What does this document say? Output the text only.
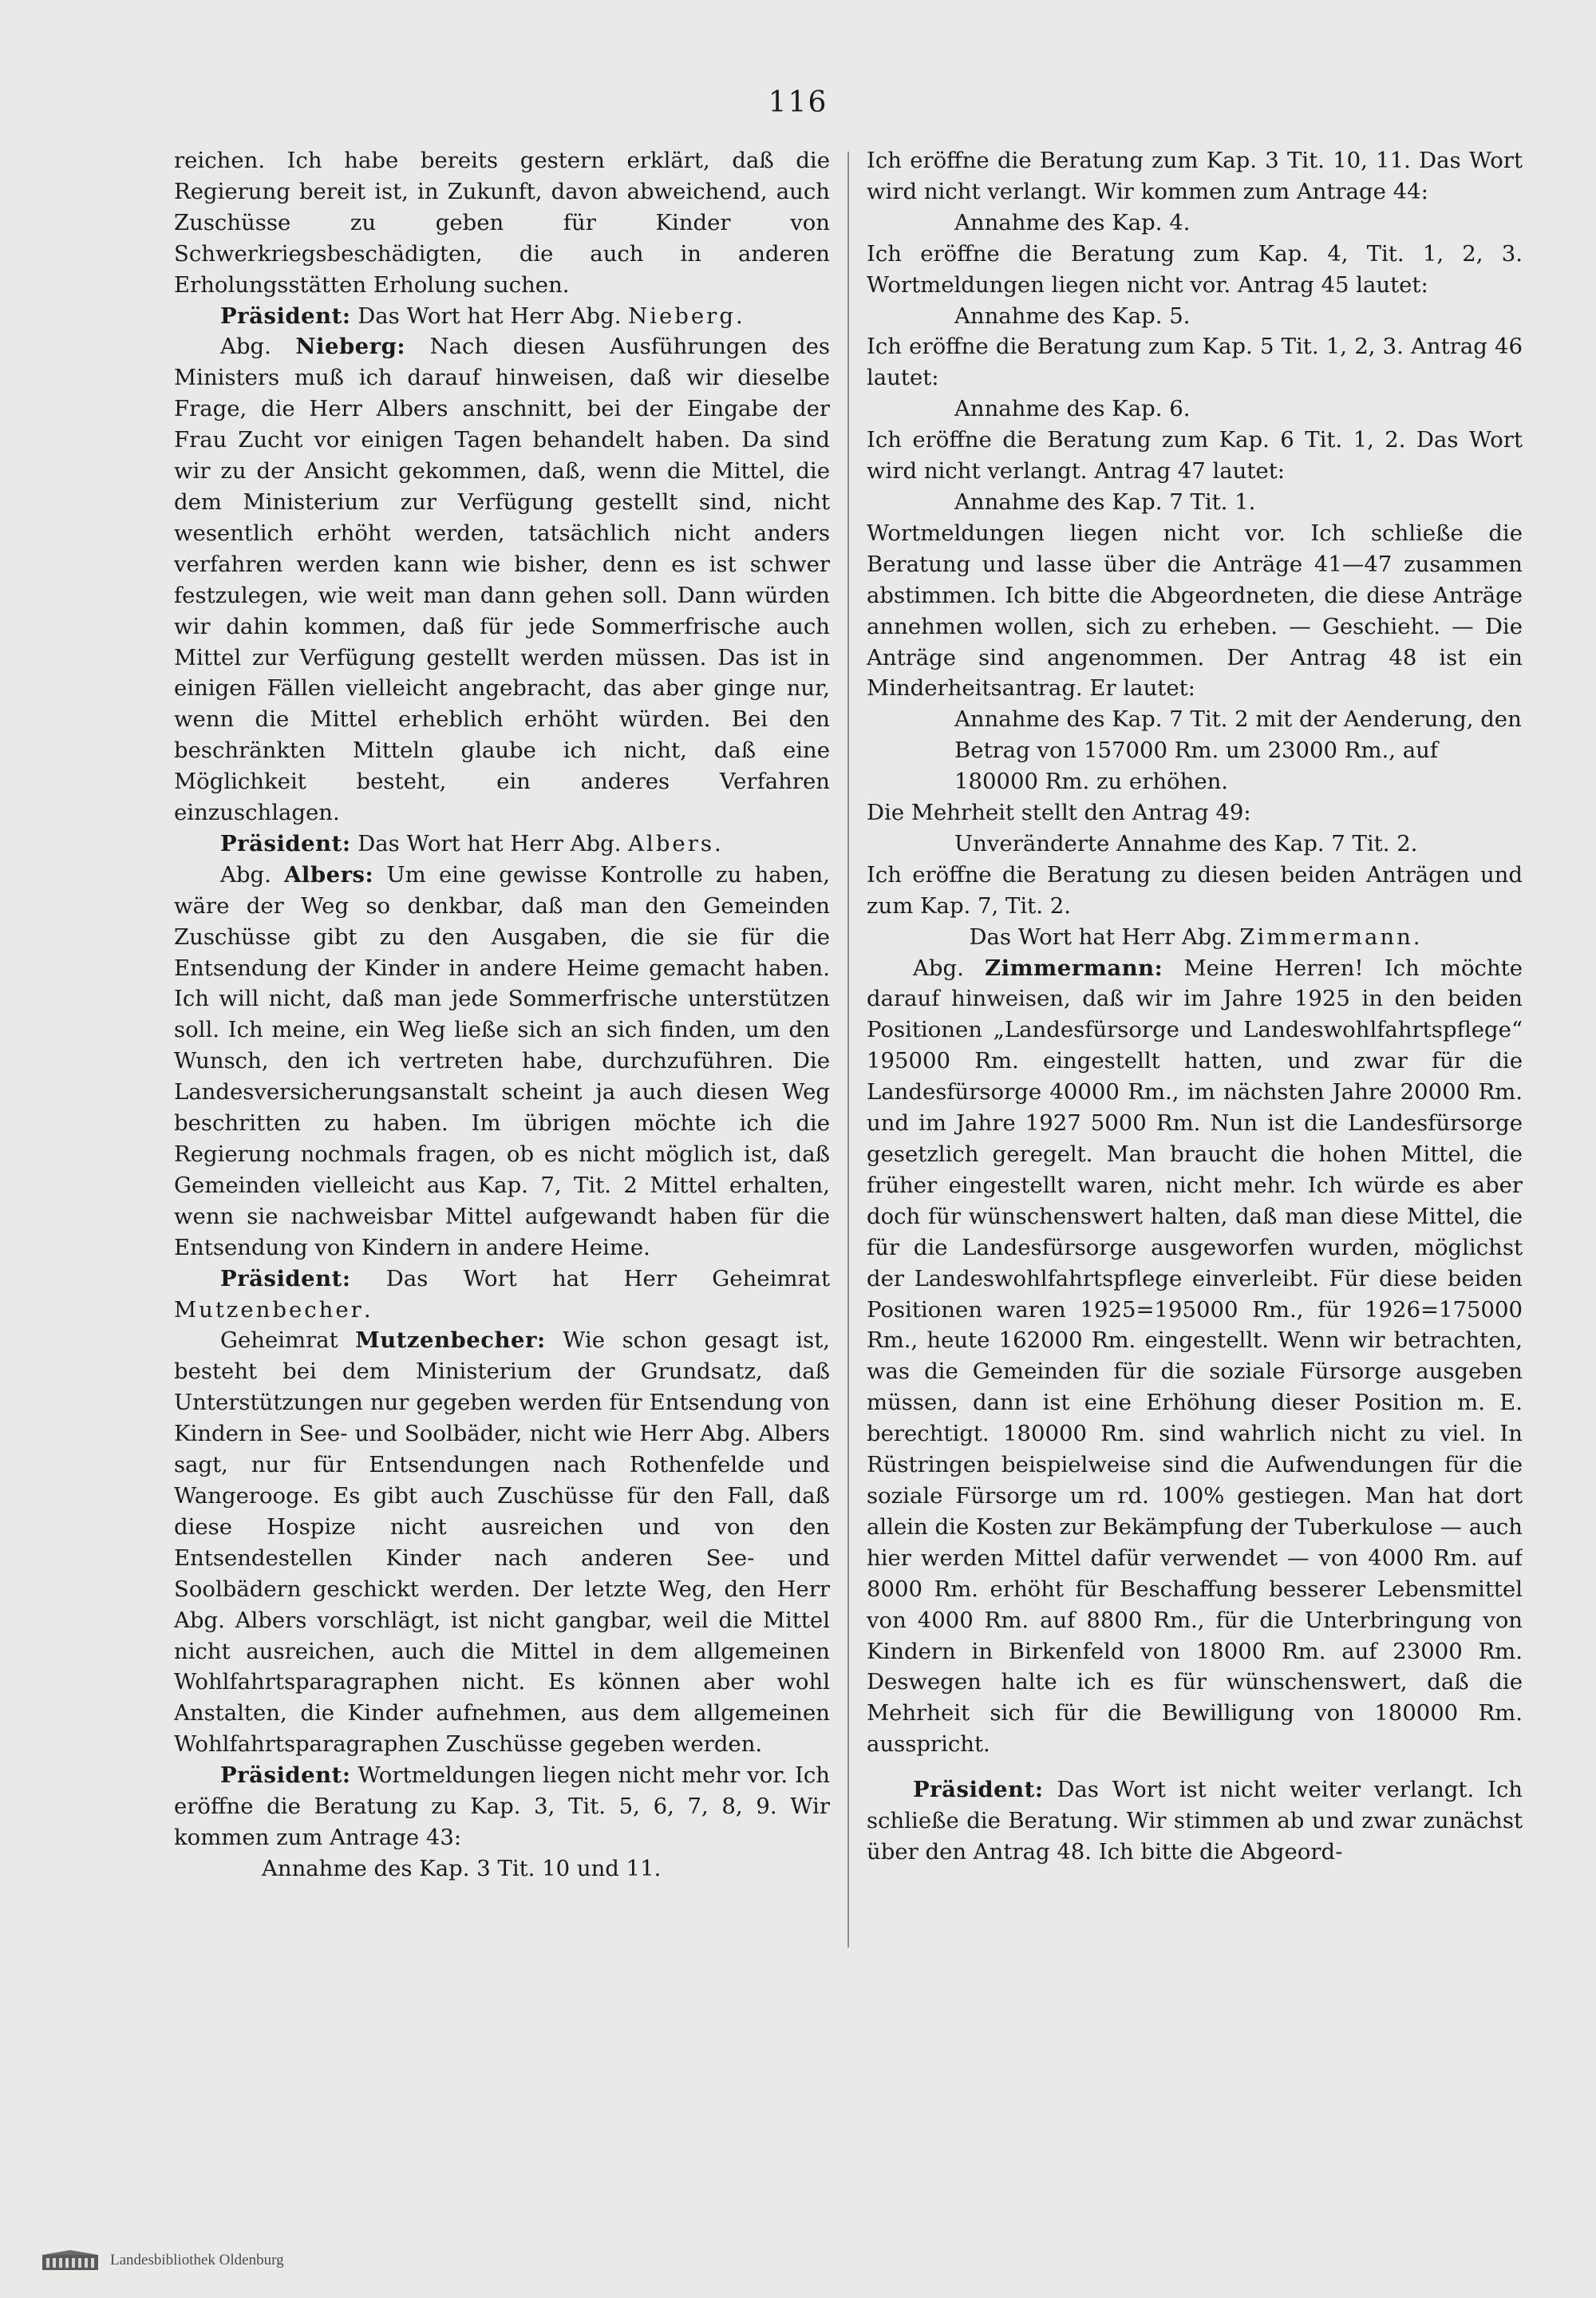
116

reichen. Ich habe bereits gestern erklärt, daß die Regierung bereit ist, in Zukunft, davon abweichend, auch Zuschüsse zu geben für Kinder von Schwerkriegsbeschädigten, die auch in anderen Erholungsstätten Erholung suchen.

Präsident: Das Wort hat Herr Abg. Nieberg.

Abg. Nieberg: Nach diesen Ausführungen des Ministers muß ich darauf hinweisen, daß wir dieselbe Frage, die Herr Albers anschnitt, bei der Eingabe der Frau Zucht vor einigen Tagen behandelt haben. Da sind wir zu der Ansicht gekommen, daß, wenn die Mittel, die dem Ministerium zur Verfügung gestellt sind, nicht wesentlich erhöht werden, tatsächlich nicht anders verfahren werden kann wie bisher, denn es ist schwer festzulegen, wie weit man dann gehen soll. Dann würden wir dahin kommen, daß für jede Sommerfrische auch Mittel zur Verfügung gestellt werden müssen. Das ist in einigen Fällen vielleicht angebracht, das aber ginge nur, wenn die Mittel erheblich erhöht würden. Bei den beschränkten Mitteln glaube ich nicht, daß eine Möglichkeit besteht, ein anderes Verfahren einzuschlagen.

Präsident: Das Wort hat Herr Abg. Albers.

Abg. Albers: Um eine gewisse Kontrolle zu haben, wäre der Weg so denkbar, daß man den Gemeinden Zuschüsse gibt zu den Ausgaben, die sie für die Entsendung der Kinder in andere Heime gemacht haben. Ich will nicht, daß man jede Sommerfrische unterstützen soll. Ich meine, ein Weg ließe sich an sich finden, um den Wunsch, den ich vertreten habe, durchzuführen. Die Landesversicherungsanstalt scheint ja auch diesen Weg beschritten zu haben. Im übrigen möchte ich die Regierung nochmals fragen, ob es nicht möglich ist, daß Gemeinden vielleicht aus Kap. 7, Tit. 2 Mittel erhalten, wenn sie nachweisbar Mittel aufgewandt haben für die Entsendung von Kindern in andere Heime.

Präsident: Das Wort hat Herr Geheimrat Mutzenbecher.

Geheimrat Mutzenbecher: Wie schon gesagt ist, besteht bei dem Ministerium der Grundsatz, daß Unterstützungen nur gegeben werden für Entsendung von Kindern in See- und Soolbäder, nicht wie Herr Abg. Albers sagt, nur für Entsendungen nach Rothenfelde und Wangerooge. Es gibt auch Zuschüsse für den Fall, daß diese Hospize nicht ausreichen und von den Entsendestellen Kinder nach anderen See- und Soolbädern geschickt werden. Der letzte Weg, den Herr Abg. Albers vorschlägt, ist nicht gangbar, weil die Mittel nicht ausreichen, auch die Mittel in dem allgemeinen Wohlfahrtsparagraphen nicht. Es können aber wohl Anstalten, die Kinder aufnehmen, aus dem allgemeinen Wohlfahrtsparagraphen Zuschüsse gegeben werden.

Präsident: Wortmeldungen liegen nicht mehr vor. Ich eröffne die Beratung zu Kap. 3, Tit. 5, 6, 7, 8, 9. Wir kommen zum Antrage 43:

Annahme des Kap. 3 Tit. 10 und 11.

Ich eröffne die Beratung zum Kap. 3 Tit. 10, 11. Das Wort wird nicht verlangt. Wir kommen zum Antrage 44:

Annahme des Kap. 4.

Ich eröffne die Beratung zum Kap. 4, Tit. 1, 2, 3. Wortmeldungen liegen nicht vor. Antrag 45 lautet:

Annahme des Kap. 5.

Ich eröffne die Beratung zum Kap. 5 Tit. 1, 2, 3. Antrag 46 lautet:

Annahme des Kap. 6.

Ich eröffne die Beratung zum Kap. 6 Tit. 1, 2. Das Wort wird nicht verlangt. Antrag 47 lautet:

Annahme des Kap. 7 Tit. 1.

Wortmeldungen liegen nicht vor. Ich schließe die Beratung und lasse über die Anträge 41—47 zusammen abstimmen. Ich bitte die Abgeordneten, die diese Anträge annehmen wollen, sich zu erheben. — Geschieht. — Die Anträge sind angenommen. Der Antrag 48 ist ein Minderheitsantrag. Er lautet:

Annahme des Kap. 7 Tit. 2 mit der Aenderung, den Betrag von 157000 Rm. um 23000 Rm., auf 180000 Rm. zu erhöhen.

Die Mehrheit stellt den Antrag 49:

Unveränderte Annahme des Kap. 7 Tit. 2.

Ich eröffne die Beratung zu diesen beiden Anträgen und zum Kap. 7, Tit. 2.

Das Wort hat Herr Abg. Zimmermann.

Abg. Zimmermann: Meine Herren! Ich möchte darauf hinweisen, daß wir im Jahre 1925 in den beiden Positionen „Landesfürsorge und Landeswohlfahrtspflege“ 195000 Rm. eingestellt hatten, und zwar für die Landesfürsorge 40000 Rm., im nächsten Jahre 20000 Rm. und im Jahre 1927 5000 Rm. Nun ist die Landesfürsorge gesetzlich geregelt. Man braucht die hohen Mittel, die früher eingestellt waren, nicht mehr. Ich würde es aber doch für wünschenswert halten, daß man diese Mittel, die für die Landesfürsorge ausgeworfen wurden, möglichst der Landeswohlfahrtspflege einverleibt. Für diese beiden Positionen waren 1925=195000 Rm., für 1926=175000 Rm., heute 162000 Rm. eingestellt. Wenn wir betrachten, was die Gemeinden für die soziale Fürsorge ausgeben müssen, dann ist eine Erhöhung dieser Position m. E. berechtigt. 180000 Rm. sind wahrlich nicht zu viel. In Rüstringen beispielweise sind die Aufwendungen für die soziale Fürsorge um rd. 100% gestiegen. Man hat dort allein die Kosten zur Bekämpfung der Tuberkulose — auch hier werden Mittel dafür verwendet — von 4000 Rm. auf 8000 Rm. erhöht für Beschaffung besserer Lebensmittel von 4000 Rm. auf 8800 Rm., für die Unterbringung von Kindern in Birkenfeld von 18000 Rm. auf 23000 Rm. Deswegen halte ich es für wünschenswert, daß die Mehrheit sich für die Bewilligung von 180000 Rm. ausspricht.

Präsident: Das Wort ist nicht weiter verlangt. Ich schließe die Beratung. Wir stimmen ab und zwar zunächst über den Antrag 48. Ich bitte die Abgeord-

Landesbibliothek Oldenburg
